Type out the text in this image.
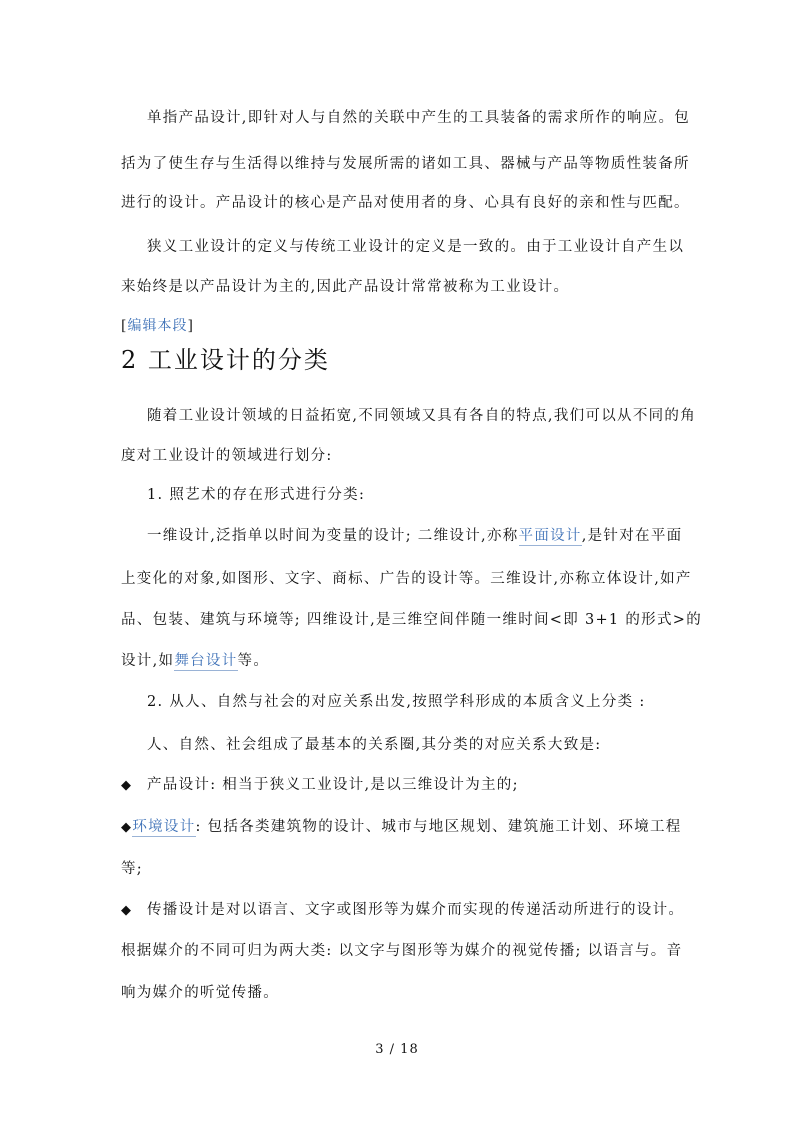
单指产品设计,即针对人与自然的关联中产生的工具装备的需求所作的响应。包
括为了使生存与生活得以维持与发展所需的诸如工具、器械与产品等物质性装备所
进行的设计。产品设计的核心是产品对使用者的身、心具有良好的亲和性与匹配。
狭义工业设计的定义与传统工业设计的定义是一致的。由于工业设计自产生以
来始终是以产品设计为主的,因此产品设计常常被称为工业设计。
[编辑本段]
2 工业设计的分类
随着工业设计领域的日益拓宽,不同领域又具有各自的特点,我们可以从不同的角
度对工业设计的领域进行划分:
1. 照艺术的存在形式进行分类:
一维设计,泛指单以时间为变量的设计; 二维设计,亦称平面设计,是针对在平面
上变化的对象,如图形、文字、商标、广告的设计等。三维设计,亦称立体设计,如产
品、包装、建筑与环境等; 四维设计,是三维空间伴随一维时间<即 3+1 的形式>的
设计,如舞台设计等。
2. 从人、自然与社会的对应关系出发,按照学科形成的本质含义上分类 :
人、自然、社会组成了最基本的关系圈,其分类的对应关系大致是:
◆ 产品设计: 相当于狭义工业设计,是以三维设计为主的;
◆环境设计: 包括各类建筑物的设计、城市与地区规划、建筑施工计划、环境工程
等;
◆ 传播设计是对以语言、文字或图形等为媒介而实现的传递活动所进行的设计。
根据媒介的不同可归为两大类: 以文字与图形等为媒介的视觉传播; 以语言与。音
响为媒介的听觉传播。
3 / 18
